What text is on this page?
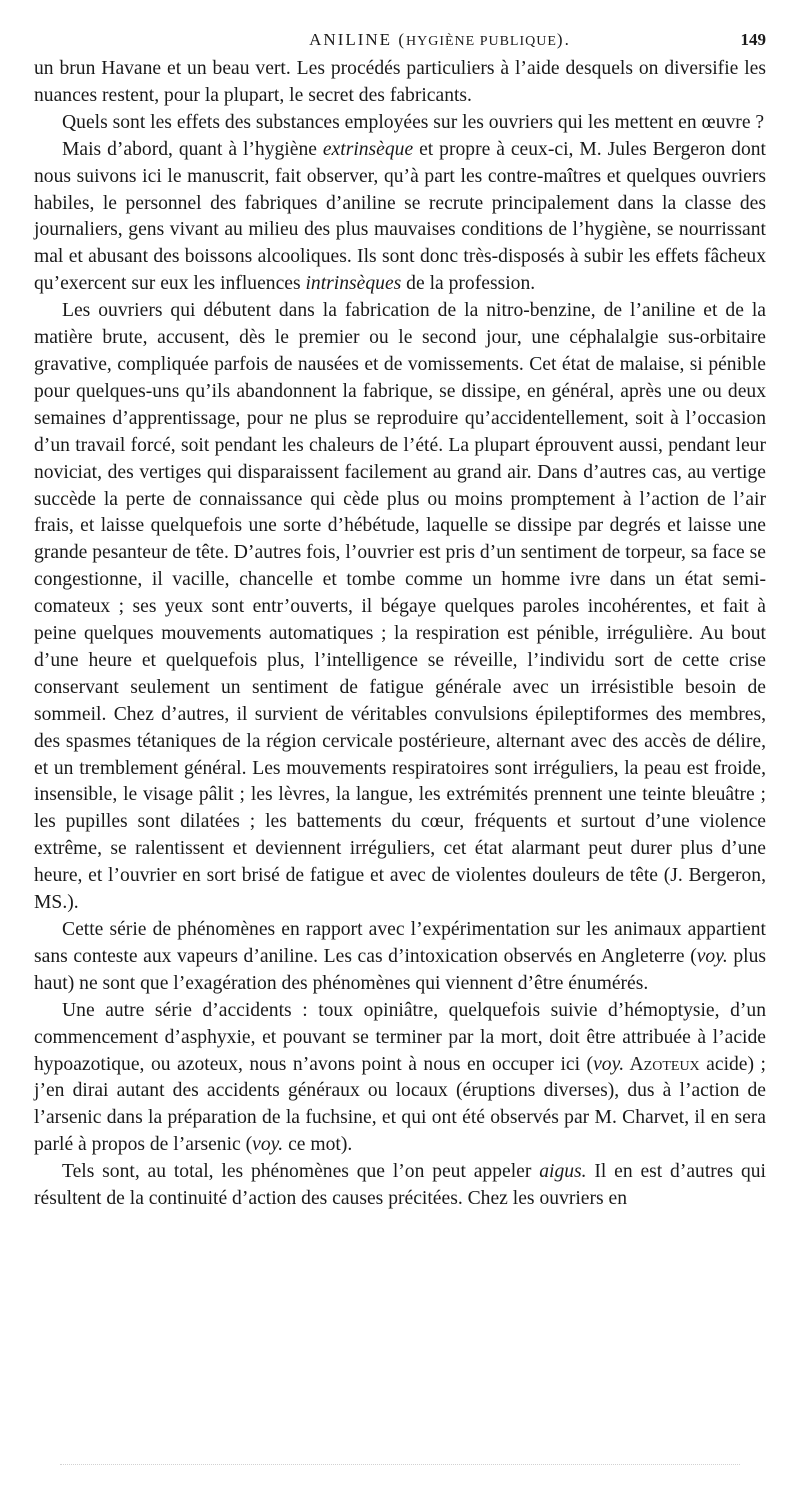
ANILINE (HYGIÈNE PUBLIQUE).	149

un brun Havane et un beau vert. Les procédés particuliers à l’aide desquels on diversifie les nuances restent, pour la plupart, le secret des fabricants.

Quels sont les effets des substances employées sur les ouvriers qui les mettent en œuvre ?

Mais d’abord, quant à l’hygiène extrinsèque et propre à ceux-ci, M. Jules Bergeron dont nous suivons ici le manuscrit, fait observer, qu’à part les contre-maîtres et quelques ouvriers habiles, le personnel des fabriques d’aniline se recrute principalement dans la classe des journaliers, gens vivant au milieu des plus mauvaises conditions de l’hygiène, se nourrissant mal et abusant des boissons alcooliques. Ils sont donc très-disposés à subir les effets fâcheux qu’exercent sur eux les influences intrinsèques de la profession.

Les ouvriers qui débutent dans la fabrication de la nitro-benzine, de l’aniline et de la matière brute, accusent, dès le premier ou le second jour, une céphalalgie sus-orbitaire gravative, compliquée parfois de nausées et de vomissements. Cet état de malaise, si pénible pour quelques-uns qu’ils abandonnent la fabrique, se dissipe, en général, après une ou deux semaines d’apprentissage, pour ne plus se reproduire qu’accidentellement, soit à l’occasion d’un travail forcé, soit pendant les chaleurs de l’été. La plupart éprouvent aussi, pendant leur noviciat, des vertiges qui disparaissent facilement au grand air. Dans d’autres cas, au vertige succède la perte de connaissance qui cède plus ou moins promptement à l’action de l’air frais, et laisse quelquefois une sorte d’hébétude, laquelle se dissipe par degrés et laisse une grande pesanteur de tête. D’autres fois, l’ouvrier est pris d’un sentiment de torpeur, sa face se congestionne, il vacille, chancelle et tombe comme un homme ivre dans un état semi-comateux ; ses yeux sont entr’ouverts, il bégaye quelques paroles incohérentes, et fait à peine quelques mouvements automatiques ; la respiration est pénible, irrégulière. Au bout d’une heure et quelquefois plus, l’intelligence se réveille, l’individu sort de cette crise conservant seulement un sentiment de fatigue générale avec un irrésistible besoin de sommeil. Chez d’autres, il survient de véritables convulsions épileptiformes des membres, des spasmes tétaniques de la région cervicale postérieure, alternant avec des accès de délire, et un tremblement général. Les mouvements respiratoires sont irréguliers, la peau est froide, insensible, le visage pâlit ; les lèvres, la langue, les extrémités prennent une teinte bleuâtre ; les pupilles sont dilatées ; les battements du cœur, fréquents et surtout d’une violence extrême, se ralentissent et deviennent irréguliers, cet état alarmant peut durer plus d’une heure, et l’ouvrier en sort brisé de fatigue et avec de violentes douleurs de tête (J. Bergeron, MS.).

Cette série de phénomènes en rapport avec l’expérimentation sur les animaux appartient sans conteste aux vapeurs d’aniline. Les cas d’intoxication observés en Angleterre (voy. plus haut) ne sont que l’exagération des phénomènes qui viennent d’être énumérés.

Une autre série d’accidents : toux opiniâtre, quelquefois suivie d’hémoptysie, d’un commencement d’asphyxie, et pouvant se terminer par la mort, doit être attribuée à l’acide hypoazotique, ou azoteux, nous n’avons point à nous en occuper ici (voy. Azoteux acide) ; j’en dirai autant des accidents généraux ou locaux (éruptions diverses), dus à l’action de l’arsenic dans la préparation de la fuchsine, et qui ont été observés par M. Charvet, il en sera parlé à propos de l’arsenic (voy. ce mot).

Tels sont, au total, les phénomènes que l’on peut appeler aigus. Il en est d’autres qui résultent de la continuité d’action des causes précitées. Chez les ouvriers en
